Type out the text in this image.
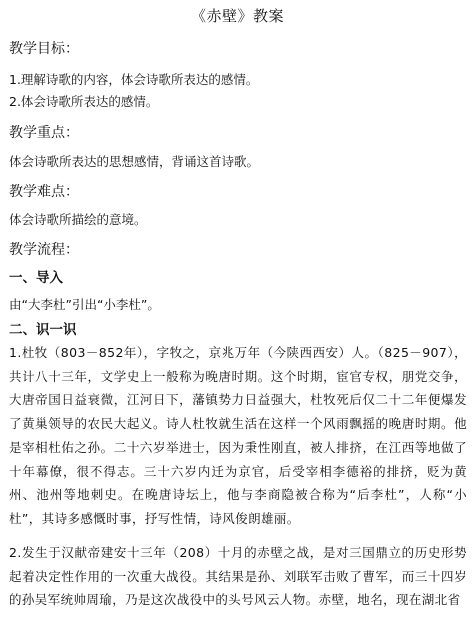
《赤壁》教案
教学目标：
1.理解诗歌的内容，体会诗歌所表达的感情。
2.体会诗歌所表达的感情。
教学重点：
体会诗歌所表达的思想感情，背诵这首诗歌。
教学难点：
体会诗歌所描绘的意境。
教学流程：
一、导入
由“大李杜”引出“小李杜”。
二、识一识
1.杜牧（803－852年），字牧之，京兆万年（今陕西西安）人。（825－907），共计八十三年，文学史上一般称为晚唐时期。这个时期，宦官专权，朋党交争，大唐帝国日益衰微，江河日下，藩镇势力日益强大，杜牧死后仅二十二年便爆发了黄巢领导的农民大起义。诗人杜牧就生活在这样一个风雨飘摇的晚唐时期。他是宰相杜佑之孙。二十六岁举进士，因为秉性刚直，被人排挤，在江西等地做了十年幕僚，很不得志。三十六岁内迁为京官，后受宰相李德裕的排挤，贬为黄州、池州等地刺史。在晚唐诗坛上，他与李商隐被合称为“后李杜”，人称“小杜”，其诗多感慨时事，抒写性情，诗风俊朗雄丽。
2.发生于汉献帝建安十三年（208）十月的赤壁之战，是对三国鼎立的历史形势起着决定性作用的一次重大战役。其结果是孙、刘联军击败了曹军，而三十四岁的孙吴军统帅周瑜，乃是这次战役中的头号风云人物。赤壁，地名，现在湖北省
